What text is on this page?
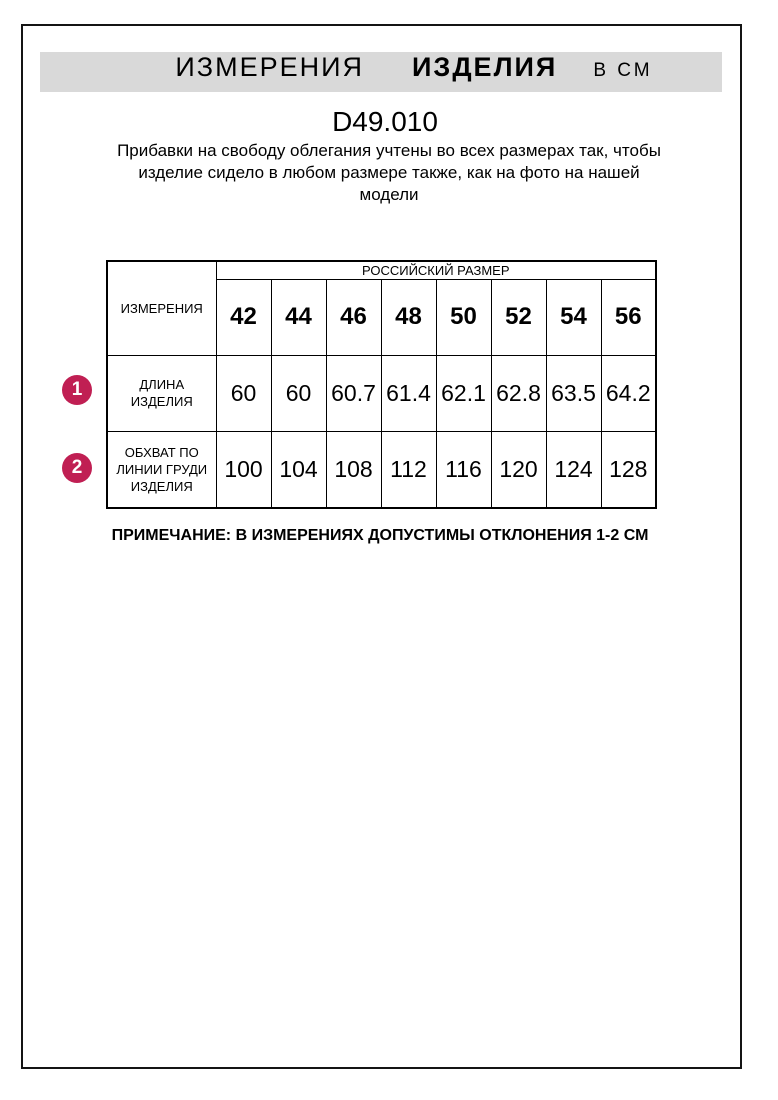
ИЗМЕРЕНИЯ ИЗДЕЛИЯ В СМ
D49.010
Прибавки на свободу облегания учтены во всех размерах так, чтобы
изделие сидело в любом размере также, как на фото на нашей
модели
ИЗМЕРЕНИЯ	РОССИЙСКИЙ РАЗМЕР							
	42	44	46	48	50	52	54	56
ДЛИНА ИЗДЕЛИЯ	60	60	60.7	61.4	62.1	62.8	63.5	64.2
ОБХВАТ ПО ЛИНИИ ГРУДИ ИЗДЕЛИЯ	100	104	108	112	116	120	124	128
1
2
ПРИМЕЧАНИЕ: В ИЗМЕРЕНИЯХ ДОПУСТИМЫ ОТКЛОНЕНИЯ 1-2 СМ
